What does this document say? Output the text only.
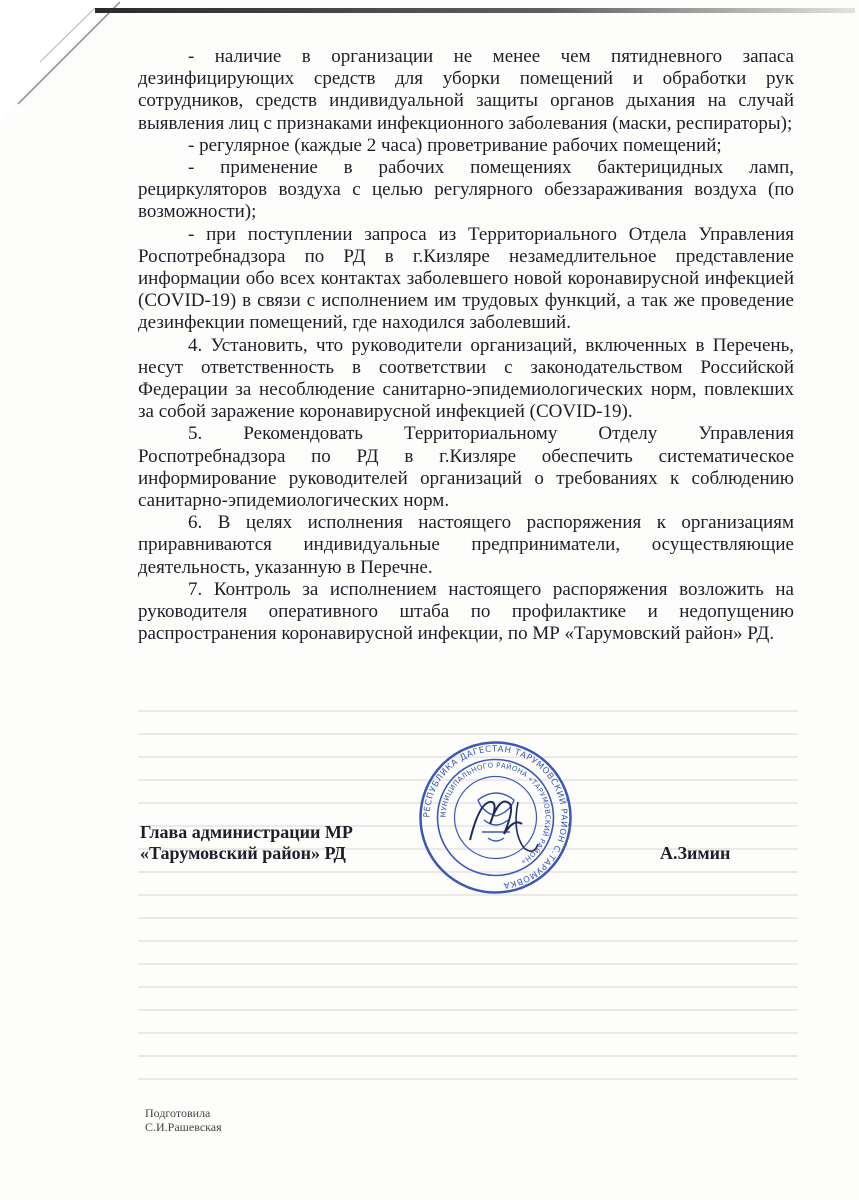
- наличие в организации не менее чем пятидневного запаса дезинфицирующих средств для уборки помещений и обработки рук сотрудников, средств индивидуальной защиты органов дыхания на случай выявления лиц с признаками инфекционного заболевания (маски, респираторы);

- регулярное (каждые 2 часа) проветривание рабочих помещений;

- применение в рабочих помещениях бактерицидных ламп, рециркуляторов воздуха с целью регулярного обеззараживания воздуха (по возможности);

- при поступлении запроса из Территориального Отдела Управления Роспотребнадзора по РД в г.Кизляре незамедлительное представление информации обо всех контактах заболевшего новой коронавирусной инфекцией (COVID-19) в связи с исполнением им трудовых функций, а так же проведение дезинфекции помещений, где находился заболевший.

4. Установить, что руководители организаций, включенных в Перечень, несут ответственность в соответствии с законодательством Российской Федерации за несоблюдение санитарно-эпидемиологических норм, повлекших за собой заражение коронавирусной инфекцией (COVID-19).

5. Рекомендовать Территориальному Отделу Управления Роспотребнадзора по РД в г.Кизляре обеспечить систематическое информирование руководителей организаций о требованиях к соблюдению санитарно-эпидемиологических норм.

6. В целях исполнения настоящего распоряжения к организациям приравниваются индивидуальные предприниматели, осуществляющие деятельность, указанную в Перечне.

7. Контроль за исполнением настоящего распоряжения возложить на руководителя оперативного штаба по профилактике и недопущению распространения коронавирусной инфекции, по МР «Тарумовский район» РД.

РЕСПУБЛИКА ДАГЕСТАН ТАРУМОВСКИЙ РАЙОН С.ТАРУМОВКА
МУНИЦИПАЛЬНОГО РАЙОНА «ТАРУМОВСКИЙ РАЙОН»
Глава администрации МР
«Тарумовский район» РД	А.Зимин
Подготовила
С.И.Рашевская
